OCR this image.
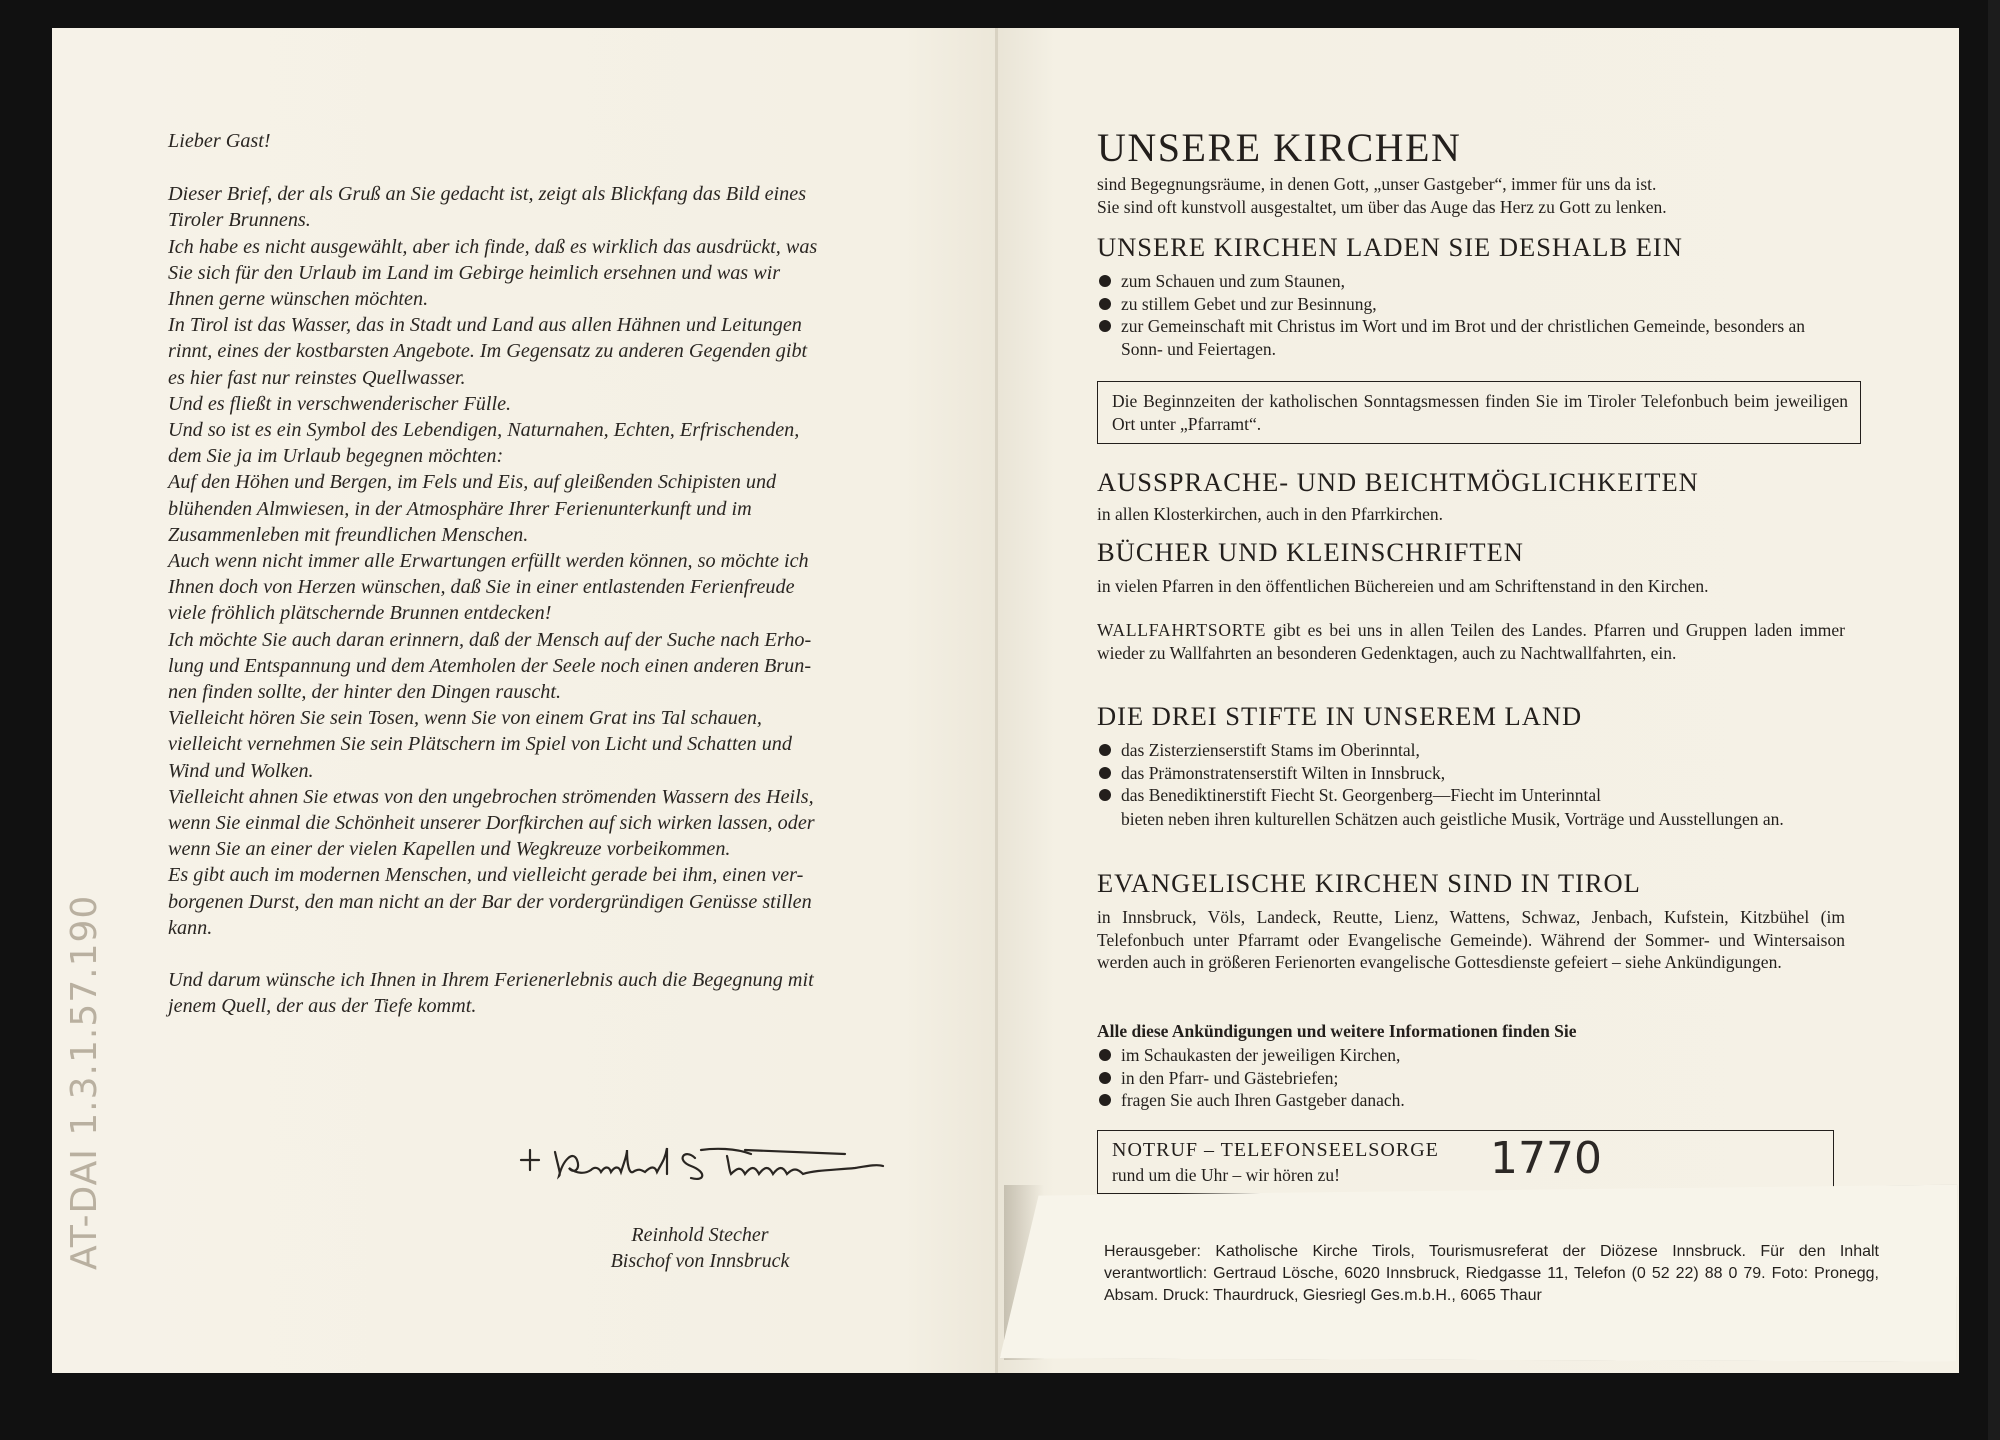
Lieber Gast!

Dieser Brief, der als Gruß an Sie gedacht ist, zeigt als Blickfang das Bild eines
Tiroler Brunnens.
Ich habe es nicht ausgewählt, aber ich finde, daß es wirklich das ausdrückt, was
Sie sich für den Urlaub im Land im Gebirge heimlich ersehnen und was wir
Ihnen gerne wünschen möchten.
In Tirol ist das Wasser, das in Stadt und Land aus allen Hähnen und Leitungen
rinnt, eines der kostbarsten Angebote. Im Gegensatz zu anderen Gegenden gibt
es hier fast nur reinstes Quellwasser.
Und es fließt in verschwenderischer Fülle.
Und so ist es ein Symbol des Lebendigen, Naturnahen, Echten, Erfrischenden,
dem Sie ja im Urlaub begegnen möchten:
Auf den Höhen und Bergen, im Fels und Eis, auf gleißenden Schipisten und
blühenden Almwiesen, in der Atmosphäre Ihrer Ferienunterkunft und im
Zusammenleben mit freundlichen Menschen.
Auch wenn nicht immer alle Erwartungen erfüllt werden können, so möchte ich
Ihnen doch von Herzen wünschen, daß Sie in einer entlastenden Ferienfreude
viele fröhlich plätschernde Brunnen entdecken!
Ich möchte Sie auch daran erinnern, daß der Mensch auf der Suche nach Erho-
lung und Entspannung und dem Atemholen der Seele noch einen anderen Brun-
nen finden sollte, der hinter den Dingen rauscht.
Vielleicht hören Sie sein Tosen, wenn Sie von einem Grat ins Tal schauen,
vielleicht vernehmen Sie sein Plätschern im Spiel von Licht und Schatten und
Wind und Wolken.
Vielleicht ahnen Sie etwas von den ungebrochen strömenden Wassern des Heils,
wenn Sie einmal die Schönheit unserer Dorfkirchen auf sich wirken lassen, oder
wenn Sie an einer der vielen Kapellen und Wegkreuze vorbeikommen.
Es gibt auch im modernen Menschen, und vielleicht gerade bei ihm, einen ver-
borgenen Durst, den man nicht an der Bar der vordergründigen Genüsse stillen
kann.
Und darum wünsche ich Ihnen in Ihrem Ferienerlebnis auch die Begegnung mit
jenem Quell, der aus der Tiefe kommt.
Reinhold Stecher
Bischof von Innsbruck
AT-DAI 1.3.1.57.190
UNSERE KIRCHEN
sind Begegnungsräume, in denen Gott, „unser Gastgeber“, immer für uns da ist.
Sie sind oft kunstvoll ausgestaltet, um über das Auge das Herz zu Gott zu lenken.
UNSERE KIRCHEN LADEN SIE DESHALB EIN
zum Schauen und zum Staunen,
zu stillem Gebet und zur Besinnung,
zur Gemeinschaft mit Christus im Wort und im Brot und der christlichen Gemeinde, besonders an Sonn- und Feiertagen.
Die Beginnzeiten der katholischen Sonntagsmessen finden Sie im Tiroler Telefonbuch beim jeweiligen Ort unter „Pfarramt“.
AUSSPRACHE- UND BEICHTMÖGLICHKEITEN
in allen Klosterkirchen, auch in den Pfarrkirchen.
BÜCHER UND KLEINSCHRIFTEN
in vielen Pfarren in den öffentlichen Büchereien und am Schriftenstand in den Kirchen.
WALLFAHRTSORTE gibt es bei uns in allen Teilen des Landes. Pfarren und Gruppen laden immer wieder zu Wallfahrten an besonderen Gedenktagen, auch zu Nachtwallfahrten, ein.
DIE DREI STIFTE IN UNSEREM LAND
das Zisterzienserstift Stams im Oberinntal,
das Prämonstratenserstift Wilten in Innsbruck,
das Benediktinerstift Fiecht St. Georgenberg—Fiecht im Unterinntal
bieten neben ihren kulturellen Schätzen auch geistliche Musik, Vorträge und Ausstellungen an.
EVANGELISCHE KIRCHEN SIND IN TIROL
in Innsbruck, Völs, Landeck, Reutte, Lienz, Wattens, Schwaz, Jenbach, Kufstein, Kitzbühel (im Telefonbuch unter Pfarramt oder Evangelische Gemeinde). Während der Sommer- und Wintersaison werden auch in größeren Ferienorten evangelische Gottesdienste gefeiert – siehe Ankündigungen.
Alle diese Ankündigungen und weitere Informationen finden Sie
im Schaukasten der jeweiligen Kirchen,
in den Pfarr- und Gästebriefen;
fragen Sie auch Ihren Gastgeber danach.
NOTRUF – TELEFONSEELSORGE
rund um die Uhr – wir hören zu!	1770
Herausgeber: Katholische Kirche Tirols, Tourismusreferat der Diözese Innsbruck. Für den Inhalt verantwortlich: Gertraud Lösche, 6020 Innsbruck, Riedgasse 11, Telefon (0 52 22) 88 0 79. Foto: Pronegg, Absam. Druck: Thaurdruck, Giesriegl Ges.m.b.H., 6065 Thaur
